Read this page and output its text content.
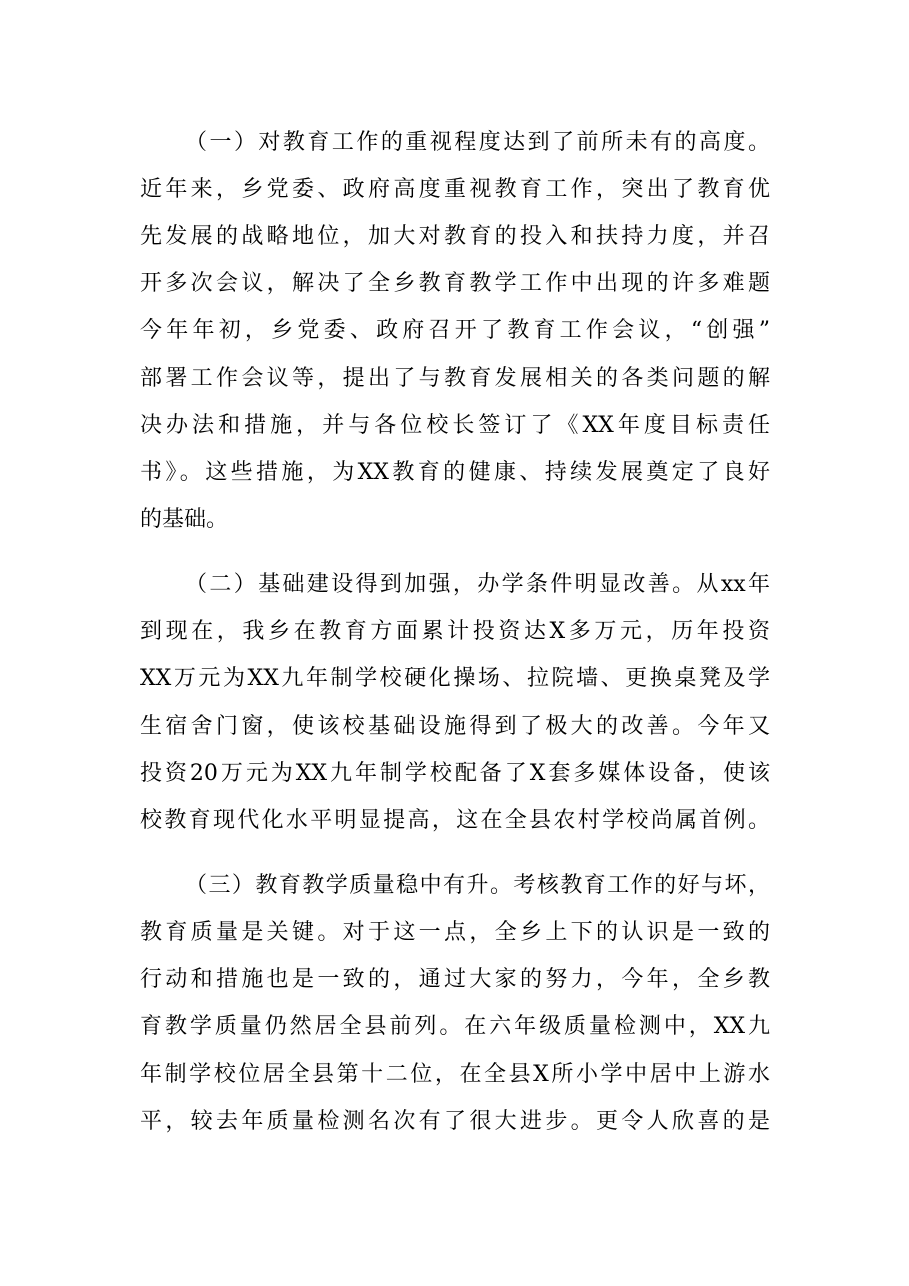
（一）对教育工作的重视程度达到了前所未有的高度。
近年来，乡党委、政府高度重视教育工作，突出了教育优
先发展的战略地位，加大对教育的投入和扶持力度，并召
开多次会议，解决了全乡教育教学工作中出现的许多难题
今年年初，乡党委、政府召开了教育工作会议，“创强”
部署工作会议等，提出了与教育发展相关的各类问题的解
决办法和措施，并与各位校长签订了《XX年度目标责任
书》。这些措施，为XX教育的健康、持续发展奠定了良好
的基础。
（二）基础建设得到加强，办学条件明显改善。从xx年
到现在，我乡在教育方面累计投资达X多万元，历年投资
XX万元为XX九年制学校硬化操场、拉院墙、更换桌凳及学
生宿舍门窗，使该校基础设施得到了极大的改善。今年又
投资20万元为XX九年制学校配备了X套多媒体设备，使该
校教育现代化水平明显提高，这在全县农村学校尚属首例。
（三）教育教学质量稳中有升。考核教育工作的好与坏，
教育质量是关键。对于这一点，全乡上下的认识是一致的
行动和措施也是一致的，通过大家的努力，今年，全乡教
育教学质量仍然居全县前列。在六年级质量检测中，XX九
年制学校位居全县第十二位，在全县X所小学中居中上游水
平，较去年质量检测名次有了很大进步。更令人欣喜的是
